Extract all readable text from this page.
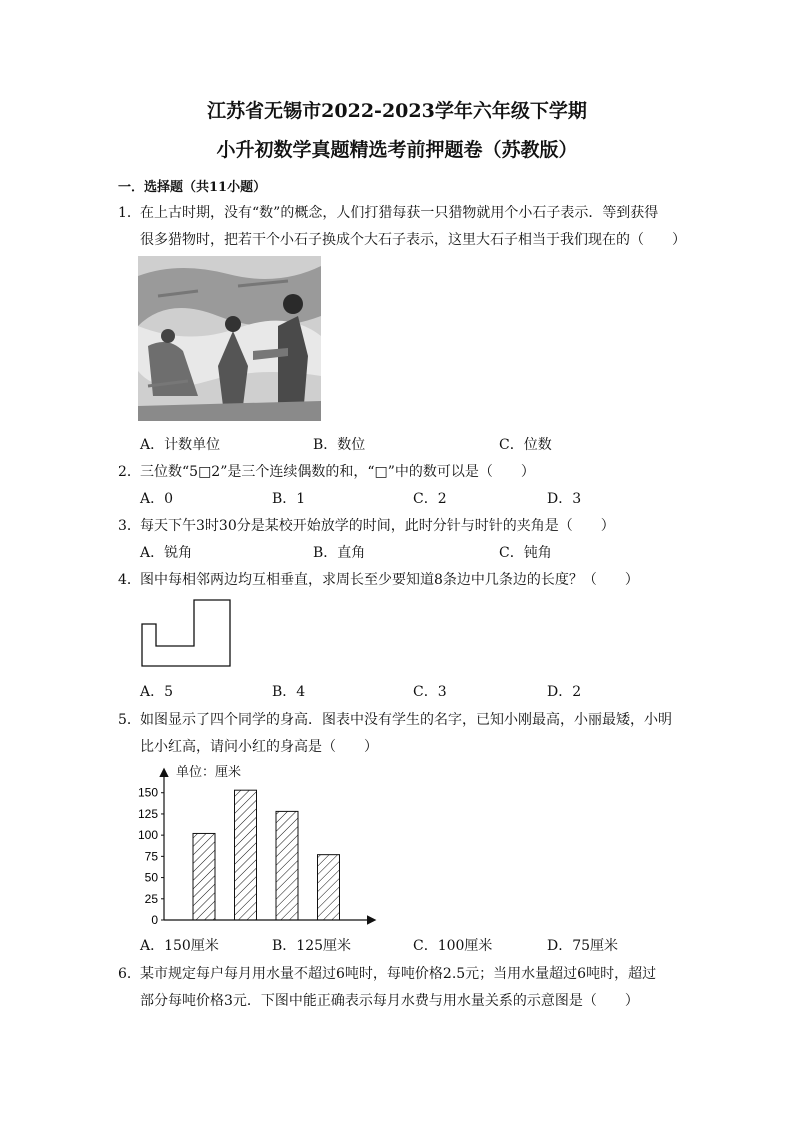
江苏省无锡市2022-2023学年六年级下学期
小升初数学真题精选考前押题卷（苏教版）
一．选择题（共11小题）
1．在上古时期，没有“数”的概念，人们打猎每获一只猎物就用个小石子表示．等到获得
很多猎物时，把若干个小石子换成个大石子表示，这里大石子相当于我们现在的（　　）
A．计数单位	B．数位	C．位数
2．三位数“5□2”是三个连续偶数的和，“□”中的数可以是（　　）
A．0	B．1	C．2	D．3
3．每天下午3时30分是某校开始放学的时间，此时分针与时针的夹角是（　　）
A．锐角	B．直角	C．钝角
4．图中每相邻两边均互相垂直，求周长至少要知道8条边中几条边的长度？（　　）
A．5	B．4	C．3	D．2
5．如图显示了四个同学的身高．图表中没有学生的名字，已知小刚最高，小丽最矮，小明
比小红高，请问小红的身高是（　　）
单位：厘米
0
25
50
75
100
125
150
A．150厘米	B．125厘米	C．100厘米	D．75厘米
6．某市规定每户每月用水量不超过6吨时，每吨价格2.5元；当用水量超过6吨时，超过
部分每吨价格3元．下图中能正确表示每月水费与用水量关系的示意图是（　　）
